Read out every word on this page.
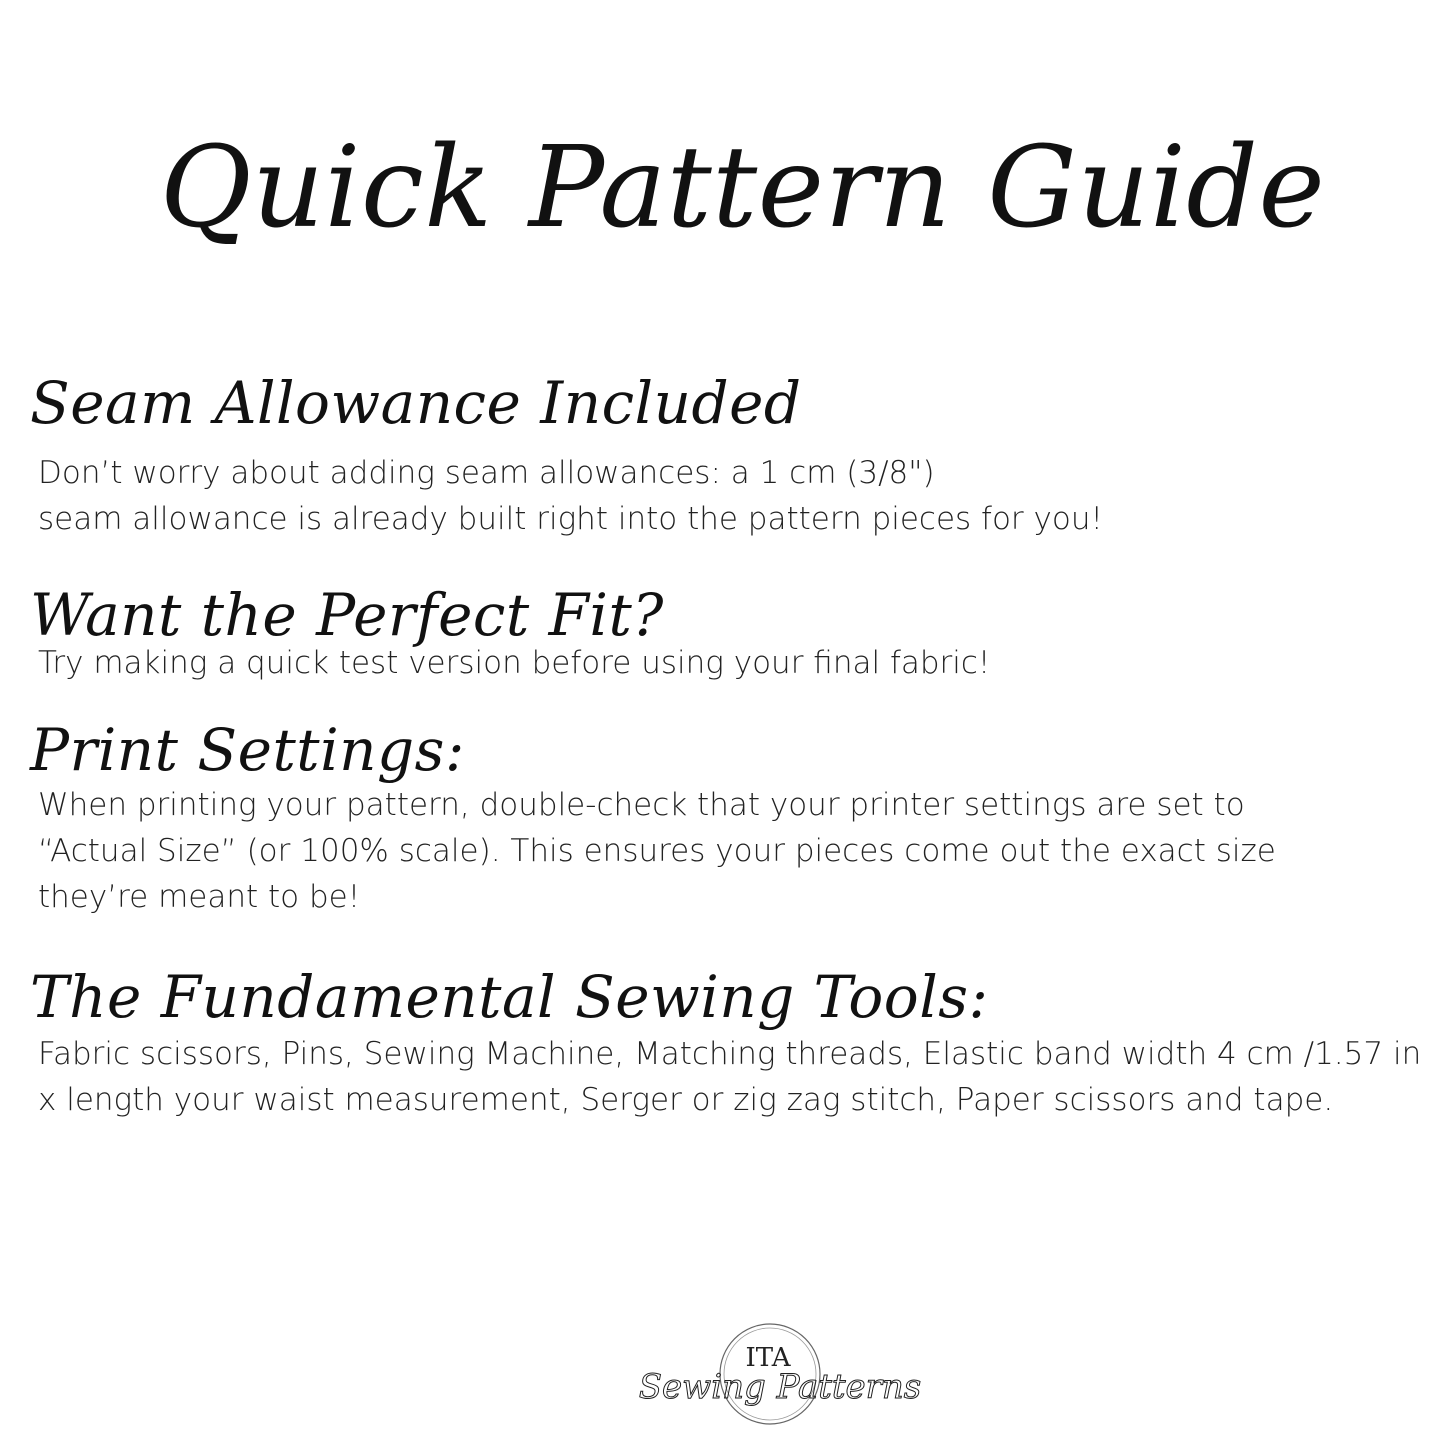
Quick Pattern Guide
Seam Allowance Included

Don’t worry about adding seam allowances: a 1 cm (3/8")
seam allowance is already built right into the pattern pieces for you!

Want the Perfect Fit?

Try making a quick test version before using your final fabric!

Print Settings:

When printing your pattern, double-check that your printer settings are set to
“Actual Size” (or 100% scale). This ensures your pieces come out the exact size
they’re meant to be!

The Fundamental Sewing Tools:

Fabric scissors, Pins, Sewing Machine, Matching threads, Elastic band width 4 cm /1.57 in
x length your waist measurement, Serger or zig zag stitch, Paper scissors and tape.

ITA
Sewing Patterns
